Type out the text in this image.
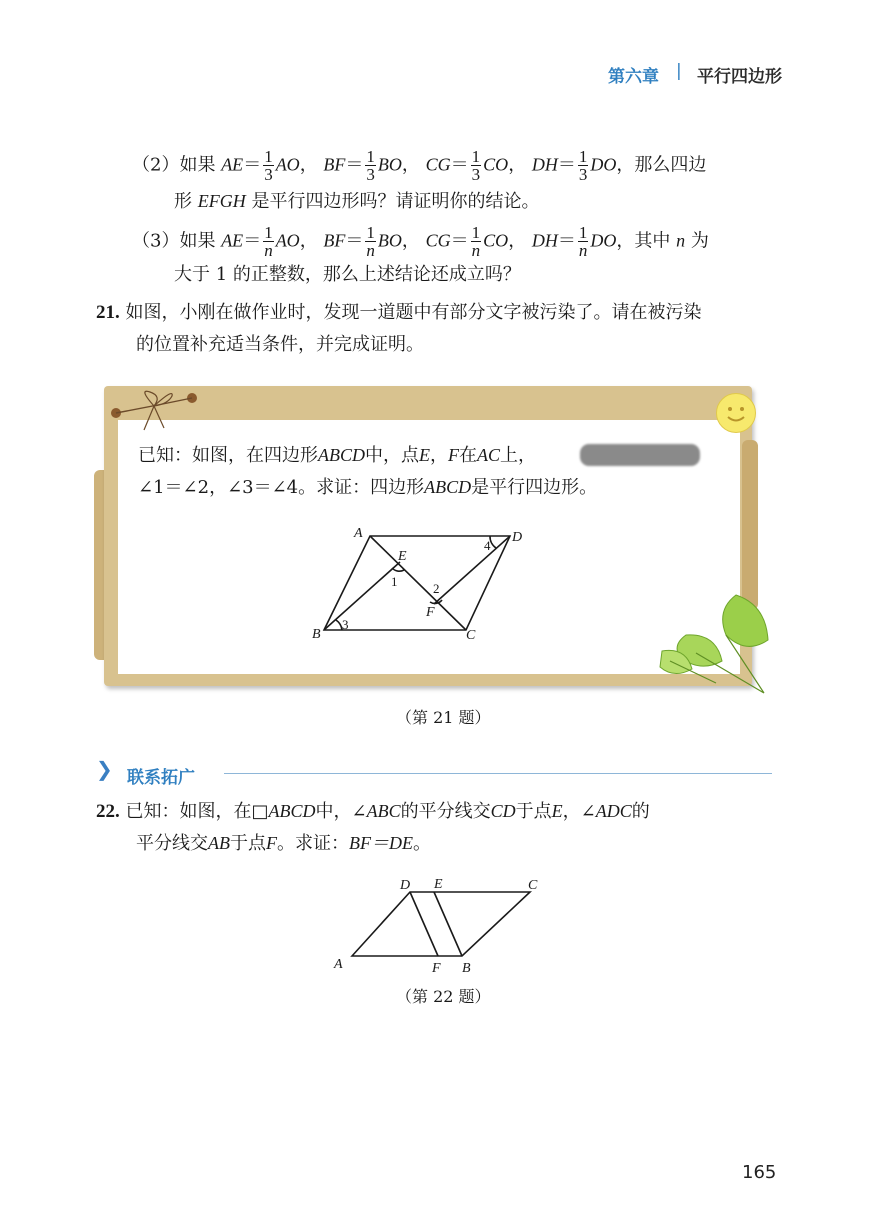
第六章 | 平行四边形
（2）如果 $AE= \frac{1}{3}$ AO， $BF= \frac{1}{3}$ BO， $CG= \frac{1}{3}$ CO， $DH= \frac{1}{3}$ DO，那么四边
形 EFGH 是平行四边形吗？请证明你的结论。
（3）如果 $AE= \frac{1}{n}$ AO， $BF= \frac{1}{n}$ BO， $CG= \frac{1}{n}$ CO， $DH= \frac{1}{n}$ DO，其中 n 为
大于 1 的正整数，那么上述结论还成立吗？
21. 如图，小刚在做作业时，发现一道题中有部分文字被污染了。请在被污染
的位置补充适当条件，并完成证明。
已知：如图，在四边形ABCD中，点E，F在AC上，
∠1＝∠2，∠3＝∠4。求证：四边形ABCD是平行四边形。
A
B	C
D
E
F
1	2
3
4
（第 21 题）
❯ 联系拓广
22. 已知：如图，在□ABCD中，∠ABC的平分线交CD于点E，∠ADC的
平分线交AB于点F。求证：BF＝DE。
A	B
C
D E
F
（第 22 题）
165
